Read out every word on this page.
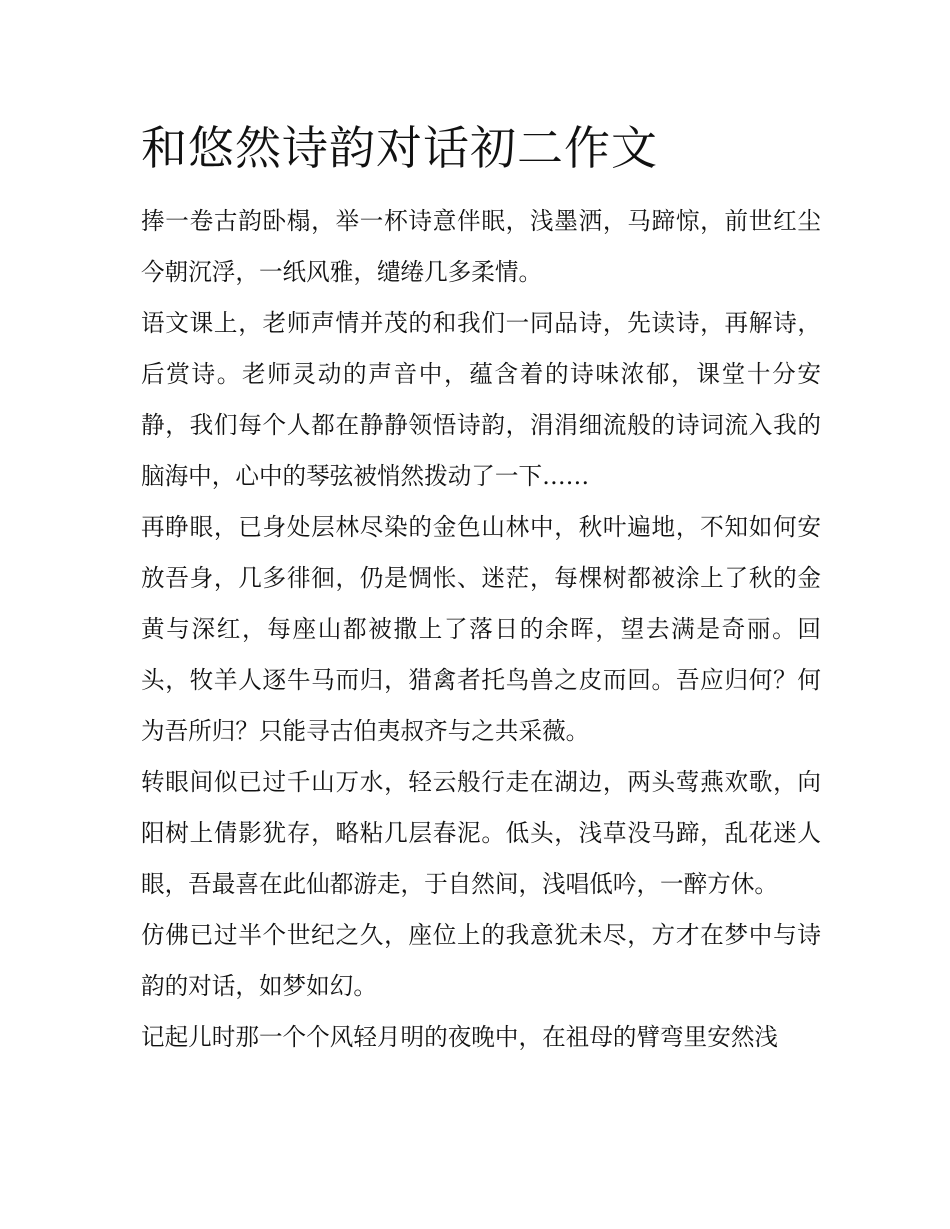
和悠然诗韵对话初二作文

捧一卷古韵卧榻，举一杯诗意伴眠，浅墨洒，马蹄惊，前世红尘今朝沉浮，一纸风雅，缱绻几多柔情。

语文课上，老师声情并茂的和我们一同品诗，先读诗，再解诗，后赏诗。老师灵动的声音中，蕴含着的诗味浓郁，课堂十分安静，我们每个人都在静静领悟诗韵，涓涓细流般的诗词流入我的脑海中，心中的琴弦被悄然拨动了一下……

再睁眼，已身处层林尽染的金色山林中，秋叶遍地，不知如何安放吾身，几多徘徊，仍是惆怅、迷茫，每棵树都被涂上了秋的金黄与深红，每座山都被撒上了落日的余晖，望去满是奇丽。回头，牧羊人逐牛马而归，猎禽者托鸟兽之皮而回。吾应归何？何为吾所归？只能寻古伯夷叔齐与之共采薇。

转眼间似已过千山万水，轻云般行走在湖边，两头莺燕欢歌，向阳树上倩影犹存，略粘几层春泥。低头，浅草没马蹄，乱花迷人眼，吾最喜在此仙都游走，于自然间，浅唱低吟，一醉方休。

仿佛已过半个世纪之久，座位上的我意犹未尽，方才在梦中与诗韵的对话，如梦如幻。

记起儿时那一个个风轻月明的夜晚中，在祖母的臂弯里安然浅
